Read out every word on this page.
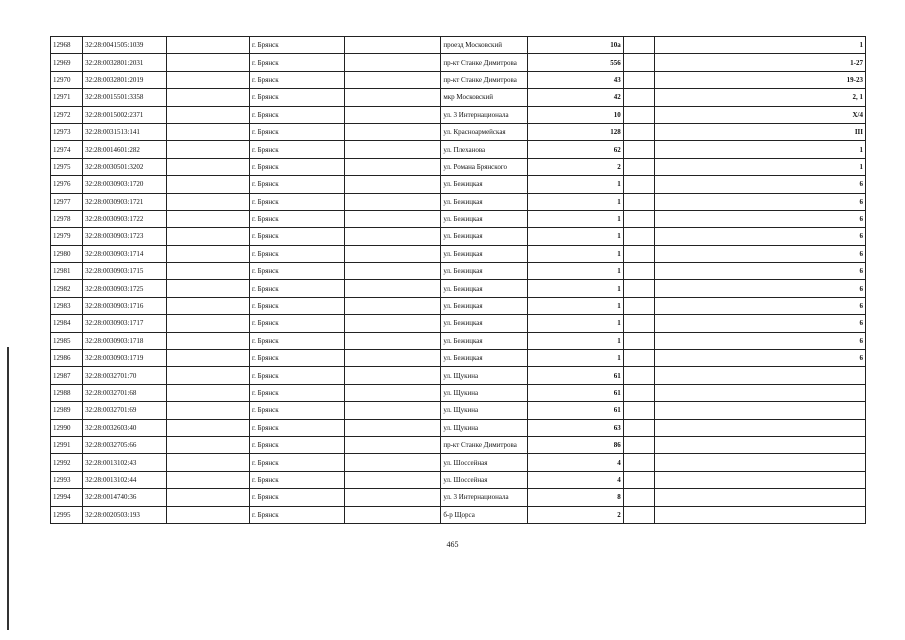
12968	32:28:0041505:1039		г. Брянск		проезд Московский	10а		1
12969	32:28:0032801:2031		г. Брянск		пр-кт Станке Димитрова	556		1-27
12970	32:28:0032801:2019		г. Брянск		пр-кт Станке Димитрова	43		19-23
12971	32:28:0015501:3358		г. Брянск		мкр Московский	42		2, 1
12972	32:28:0015002:2371		г. Брянск		ул. 3 Интернационала	10		Х/4
12973	32:28:0031513:141		г. Брянск		ул. Красноармейская	128		III
12974	32:28:0014601:282		г. Брянск		ул. Плеханова	62		1
12975	32:28:0030501:3202		г. Брянск		ул. Романа Брянского	2		1
12976	32:28:0030903:1720		г. Брянск		ул. Бежицкая	1		6
12977	32:28:0030903:1721		г. Брянск		ул. Бежицкая	1		6
12978	32:28:0030903:1722		г. Брянск		ул. Бежицкая	1		6
12979	32:28:0030903:1723		г. Брянск		ул. Бежицкая	1		6
12980	32:28:0030903:1714		г. Брянск		ул. Бежицкая	1		6
12981	32:28:0030903:1715		г. Брянск		ул. Бежицкая	1		6
12982	32:28:0030903:1725		г. Брянск		ул. Бежицкая	1		6
12983	32:28:0030903:1716		г. Брянск		ул. Бежицкая	1		6
12984	32:28:0030903:1717		г. Брянск		ул. Бежицкая	1		6
12985	32:28:0030903:1718		г. Брянск		ул. Бежицкая	1		6
12986	32:28:0030903:1719		г. Брянск		ул. Бежицкая	1		6
12987	32:28:0032701:70		г. Брянск		ул. Щукина	61		
12988	32:28:0032701:68		г. Брянск		ул. Щукина	61		
12989	32:28:0032701:69		г. Брянск		ул. Щукина	61		
12990	32:28:0032603:40		г. Брянск		ул. Щукина	63		
12991	32:28:0032705:66		г. Брянск		пр-кт Станке Димитрова	86		
12992	32:28:0013102:43		г. Брянск		ул. Шоссейная	4		
12993	32:28:0013102:44		г. Брянск		ул. Шоссейная	4		
12994	32:28:0014740:36		г. Брянск		ул. 3 Интернационала	8		
12995	32:28:0020503:193		г. Брянск		б-р Щорса	2		
465
